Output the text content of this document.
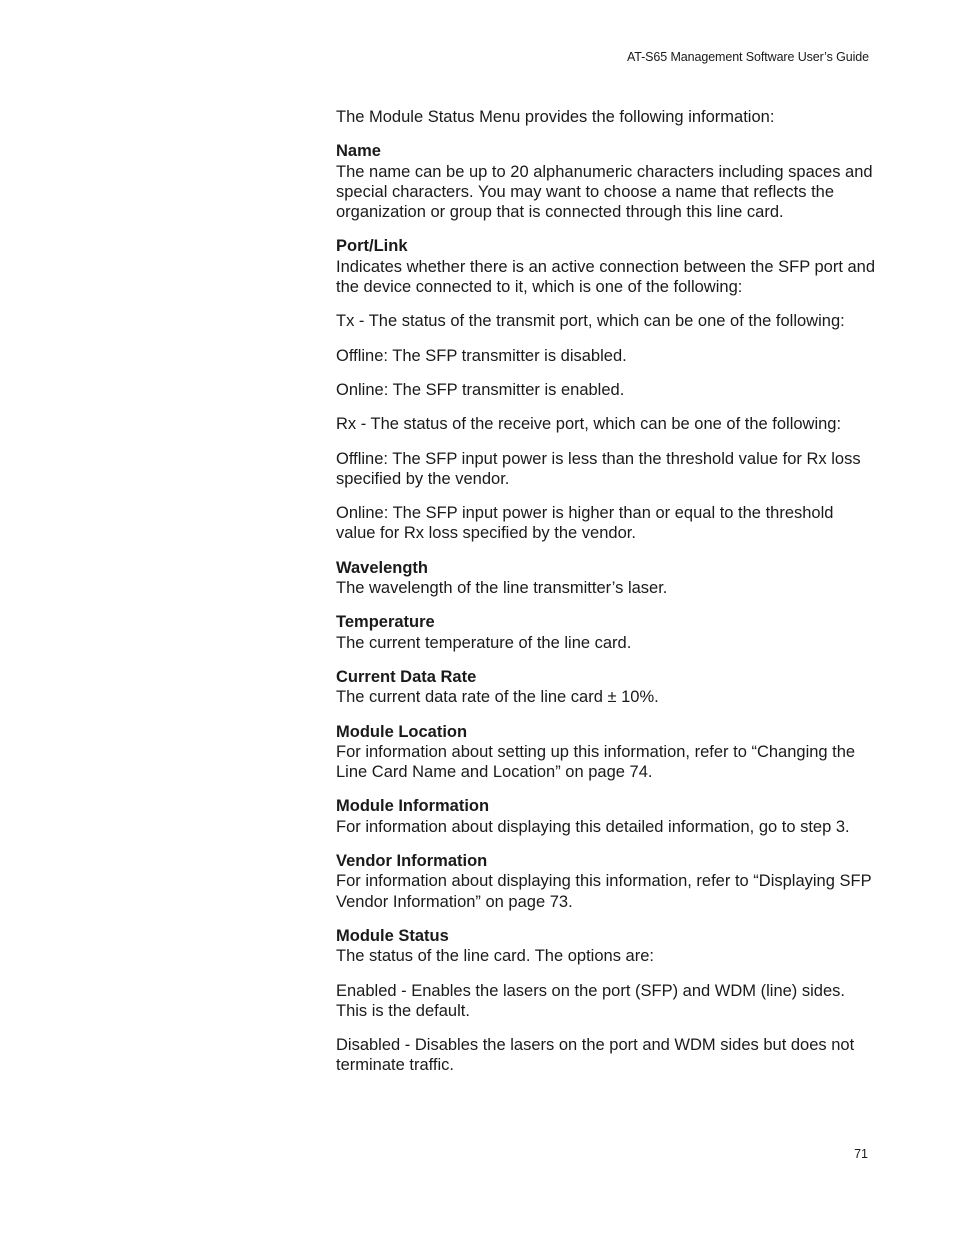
AT-S65 Management Software User’s Guide

The Module Status Menu provides the following information:

Name
The name can be up to 20 alphanumeric characters including spaces and special characters. You may want to choose a name that reflects the organization or group that is connected through this line card.
Port/Link
Indicates whether there is an active connection between the SFP port and the device connected to it, which is one of the following:

Tx - The status of the transmit port, which can be one of the following:

Offline: The SFP transmitter is disabled.

Online: The SFP transmitter is enabled.

Rx - The status of the receive port, which can be one of the following:

Offline: The SFP input power is less than the threshold value for Rx loss specified by the vendor.

Online: The SFP input power is higher than or equal to the threshold value for Rx loss specified by the vendor.

Wavelength
The wavelength of the line transmitter’s laser.
Temperature
The current temperature of the line card.
Current Data Rate
The current data rate of the line card ± 10%.
Module Location
For information about setting up this information, refer to “Changing the Line Card Name and Location” on page 74.
Module Information
For information about displaying this detailed information, go to step 3.
Vendor Information
For information about displaying this information, refer to “Displaying SFP Vendor Information” on page 73.
Module Status
The status of the line card. The options are:

Enabled - Enables the lasers on the port (SFP) and WDM (line) sides. This is the default.

Disabled - Disables the lasers on the port and WDM sides but does not terminate traffic.

71
